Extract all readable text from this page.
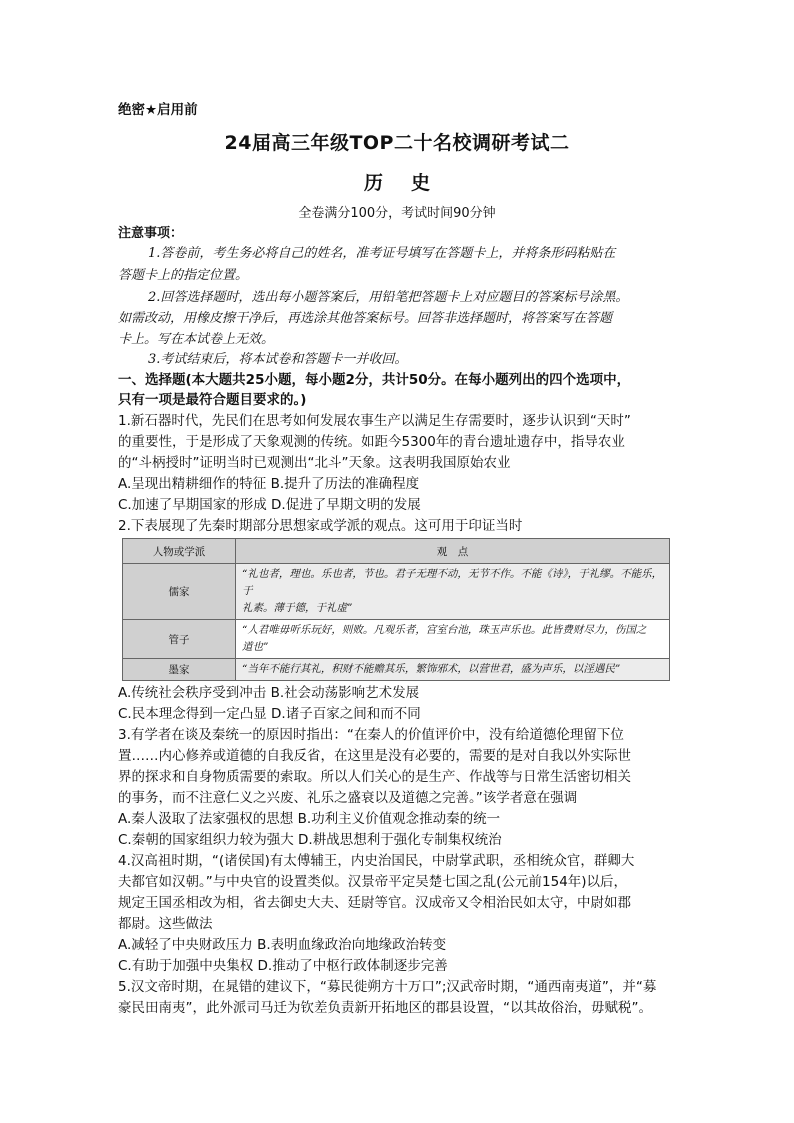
绝密★启用前
24届高三年级TOP二十名校调研考试二
历史
全卷满分100分，考试时间90分钟
注意事项：
1.答卷前，考生务必将自己的姓名，准考证号填写在答题卡上，并将条形码粘贴在
答题卡上的指定位置。
2.回答选择题时，选出每小题答案后，用铅笔把答题卡上对应题目的答案标号涂黑。
如需改动，用橡皮擦干净后，再选涂其他答案标号。回答非选择题时，将答案写在答题
卡上。写在本试卷上无效。
3.考试结束后，将本试卷和答题卡一并收回。
一、选择题(本大题共25小题，每小题2分，共计50分。在每小题列出的四个选项中，
只有一项是最符合题目要求的。)
1.新石器时代，先民们在思考如何发展农事生产以满足生存需要时，逐步认识到“天时”
的重要性，于是形成了天象观测的传统。如距今5300年的青台遗址遗存中，指导农业
的“斗柄授时”证明当时已观测出“北斗”天象。这表明我国原始农业
A.呈现出精耕细作的特征 B.提升了历法的准确程度
C.加速了早期国家的形成 D.促进了早期文明的发展
2.下表展现了先秦时期部分思想家或学派的观点。这可用于印证当时
人物或学派	观　点
儒家	“礼也者，理也。乐也者，节也。君子无理不动，无节不作。不能《诗》，于礼缪。不能乐，于
礼素。薄于德，于礼虚”

管子	“人君唯毋听乐玩好，则败。凡观乐者，宫室台池，珠玉声乐也。此皆费财尽力，伤国之
道也”

墨家	“当年不能行其礼，积财不能赡其乐，繁饰邪术，以营世君，盛为声乐，以淫遇民”
A.传统社会秩序受到冲击 B.社会动荡影响艺术发展
C.民本理念得到一定凸显 D.诸子百家之间和而不同
3.有学者在谈及秦统一的原因时指出：“在秦人的价值评价中，没有给道德伦理留下位
置……内心修养或道德的自我反省，在这里是没有必要的，需要的是对自我以外实际世
界的探求和自身物质需要的索取。所以人们关心的是生产、作战等与日常生活密切相关
的事务，而不注意仁义之兴废、礼乐之盛衰以及道德之完善。”该学者意在强调
A.秦人汲取了法家强权的思想 B.功利主义价值观念推动秦的统一
C.秦朝的国家组织力较为强大 D.耕战思想利于强化专制集权统治
4.汉高祖时期，“(诸侯国)有太傅辅王，内史治国民，中尉掌武职，丞相统众官，群卿大
夫都官如汉朝。”与中央官的设置类似。汉景帝平定吴楚七国之乱(公元前154年)以后，
规定王国丞相改为相，省去御史大夫、廷尉等官。汉成帝又令相治民如太守，中尉如郡
都尉。这些做法
A.减轻了中央财政压力 B.表明血缘政治向地缘政治转变
C.有助于加强中央集权 D.推动了中枢行政体制逐步完善
5.汉文帝时期，在晁错的建议下，“募民徙朔方十万口”;汉武帝时期，“通西南夷道”，并“募
豪民田南夷”，此外派司马迁为钦差负责新开拓地区的郡县设置，“以其故俗治，毋赋税”。
